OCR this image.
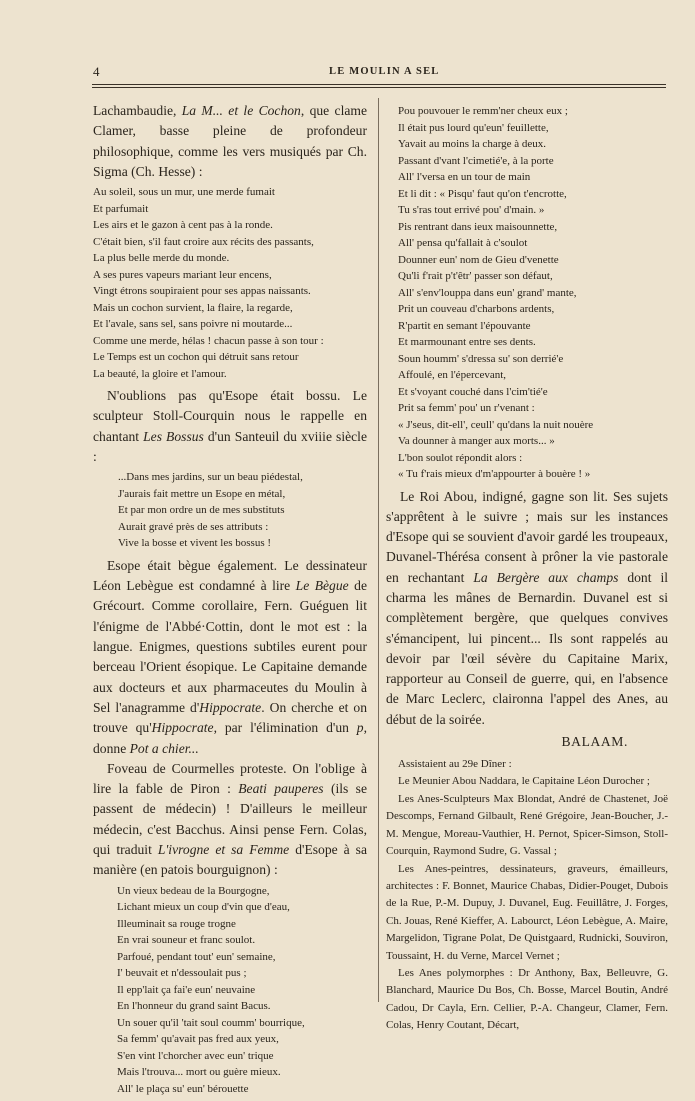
4	LE MOULIN A SEL

Lachambaudie, La M... et le Cochon, que clame Clamer, basse pleine de profondeur philosophique, comme les vers musiqués par Ch. Sigma (Ch. Hesse) :

Au soleil, sous un mur, une merde fumait
Et parfumait
Les airs et le gazon à cent pas à la ronde.
C'était bien, s'il faut croire aux récits des passants,
La plus belle merde du monde.
A ses pures vapeurs mariant leur encens,
Vingt étrons soupiraient pour ses appas naissants.
Mais un cochon survient, la flaire, la regarde,
Et l'avale, sans sel, sans poivre ni moutarde...
Comme une merde, hélas ! chacun passe à son tour :
Le Temps est un cochon qui détruit sans retour
La beauté, la gloire et l'amour.

N'oublions pas qu'Esope était bossu. Le sculpteur Stoll-Courquin nous le rappelle en chantant Les Bossus d'un Santeuil du xviiie siècle :

...Dans mes jardins, sur un beau piédestal,
J'aurais fait mettre un Esope en métal,
Et par mon ordre un de mes substituts
Aurait gravé près de ses attributs :
Vive la bosse et vivent les bossus !

Esope était bègue également. Le dessinateur Léon Lebègue est condamné à lire Le Bègue de Grécourt. Comme corollaire, Fern. Guéguen lit l'énigme de l'Abbé·Cottin, dont le mot est : la langue. Enigmes, questions subtiles eurent pour berceau l'Orient ésopique. Le Capitaine demande aux docteurs et aux pharmaceutes du Moulin à Sel l'anagramme d'Hippocrate. On cherche et on trouve qu'Hippocrate, par l'élimination d'un p, donne Pot a chier...

Foveau de Courmelles proteste. On l'oblige à lire la fable de Piron : Beati pauperes (ils se passent de médecin) ! D'ailleurs le meilleur médecin, c'est Bacchus. Ainsi pense Fern. Colas, qui traduit L'ivrogne et sa Femme d'Esope à sa manière (en patois bourguignon) :

Un vieux bedeau de la Bourgogne,
Lichant mieux un coup d'vin que d'eau,
Illeuminait sa rouge trogne
En vrai souneur et franc soulot.
Parfoué, pendant tout' eun' semaine,
I' beuvait et n'dessoulait pus ;
Il epp'lait ça fai'e eun' neuvaine
En l'honneur du grand saint Bacus.
Un souer qu'il 'tait soul coumm' bourrique,
Sa femm' qu'avait pas fred aux yeux,
S'en vint l'chorcher avec eun' trique
Mais l'trouva... mort ou guère mieux.
All' le plaça su' eun' bérouette
Pou pouvouer le remm'ner cheux eux ;
Il était pus lourd qu'eun' feuillette,
Yavait au moins la charge à deux.
Passant d'vant l'cimetié'e, à la porte
All' l'versa en un tour de main
Et li dit : « Pisqu' faut qu'on t'encrotte,
Tu s'ras tout errivé pou' d'main. »
Pis rentrant dans ieux maisounnette,
All' pensa qu'fallait à c'soulot
Dounner eun' nom de Gieu d'venette
Qu'li f'rait p't'êtr' passer son défaut,
All' s'env'louppa dans eun' grand' mante,
Prit un couveau d'charbons ardents,
R'partit en semant l'épouvante
Et marmounant entre ses dents.
Soun houmm' s'dressa su' son derrié'e
Affoulé, en l'épercevant,
Et s'voyant couché dans l'cim'tié'e
Prit sa femm' pou' un r'venant :
« J'seus, dit-ell', ceull' qu'dans la nuit nouère
Va dounner à manger aux morts... »
L'bon soulot répondit alors :
« Tu f'rais mieux d'm'appourter à bouère ! »

Le Roi Abou, indigné, gagne son lit. Ses sujets s'apprêtent à le suivre ; mais sur les instances d'Esope qui se souvient d'avoir gardé les troupeaux, Duvanel-Thérésa consent à prôner la vie pastorale en rechantant La Bergère aux champs dont il charma les mânes de Bernardin. Duvanel est si complètement bergère, que quelques convives s'émancipent, lui pincent... Ils sont rappelés au devoir par l'œil sévère du Capitaine Marix, rapporteur au Conseil de guerre, qui, en l'absence de Marc Leclerc, claironna l'appel des Anes, au début de la soirée.

BALAAM.

Assistaient au 29e Dîner :

Le Meunier Abou Naddara, le Capitaine Léon Durocher ;

Les Anes-Sculpteurs Max Blondat, André de Chastenet, Joë Descomps, Fernand Gilbault, René Grégoire, Jean-Boucher, J.-M. Mengue, Moreau-Vauthier, H. Pernot, Spicer-Simson, Stoll-Courquin, Raymond Sudre, G. Vassal ;

Les Anes-peintres, dessinateurs, graveurs, émailleurs, architectes : F. Bonnet, Maurice Chabas, Didier-Pouget, Dubois de la Rue, P.-M. Dupuy, J. Duvanel, Eug. Feuillâtre, J. Forges, Ch. Jouas, René Kieffer, A. Labourct, Léon Lebègue, A. Maire, Margelidon, Tigrane Polat, De Quistgaard, Rudnicki, Souviron, Toussaint, H. du Verne, Marcel Vernet ;

Les Anes polymorphes : Dr Anthony, Bax, Belleuvre, G. Blanchard, Maurice Du Bos, Ch. Bosse, Marcel Boutin, André Cadou, Dr Cayla, Ern. Cellier, P.-A. Changeur, Clamer, Fern. Colas, Henry Coutant, Décart,
